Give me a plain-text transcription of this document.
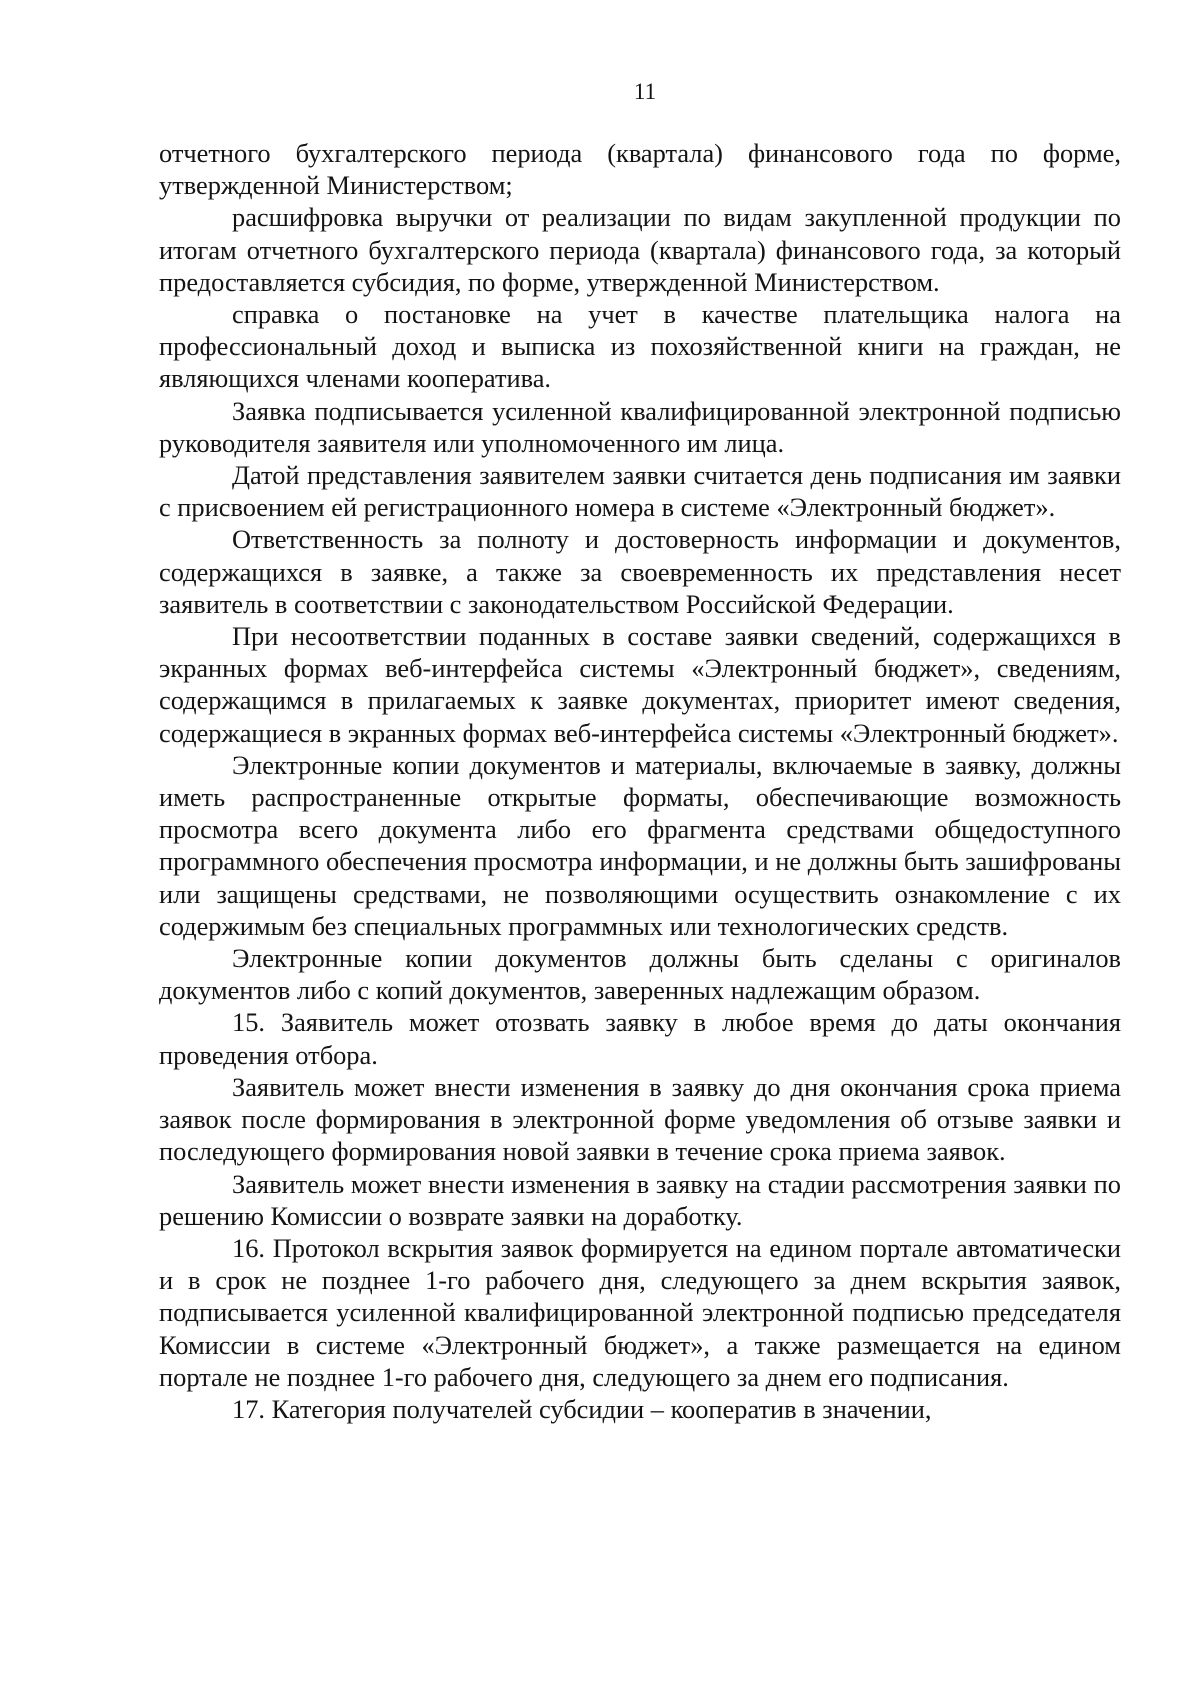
11

отчетного бухгалтерского периода (квартала) финансового года по форме, утвержденной Министерством;

расшифровка выручки от реализации по видам закупленной продукции по итогам отчетного бухгалтерского периода (квартала) финансового года, за который предоставляется субсидия, по форме, утвержденной Министерством.

справка о постановке на учет в качестве плательщика налога на профессиональный доход и выписка из похозяйственной книги на граждан, не являющихся членами кооператива.

Заявка подписывается усиленной квалифицированной электронной подписью руководителя заявителя или уполномоченного им лица.

Датой представления заявителем заявки считается день подписания им заявки с присвоением ей регистрационного номера в системе «Электронный бюджет».

Ответственность за полноту и достоверность информации и документов, содержащихся в заявке, а также за своевременность их представления несет заявитель в соответствии с законодательством Российской Федерации.

При несоответствии поданных в составе заявки сведений, содержащихся в экранных формах веб-интерфейса системы «Электронный бюджет», сведениям, содержащимся в прилагаемых к заявке документах, приоритет имеют сведения, содержащиеся в экранных формах веб-интерфейса системы «Электронный бюджет».

Электронные копии документов и материалы, включаемые в заявку, должны иметь распространенные открытые форматы, обеспечивающие возможность просмотра всего документа либо его фрагмента средствами общедоступного программного обеспечения просмотра информации, и не должны быть зашифрованы или защищены средствами, не позволяющими осуществить ознакомление с их содержимым без специальных программных или технологических средств.

Электронные копии документов должны быть сделаны с оригиналов документов либо с копий документов, заверенных надлежащим образом.

15. Заявитель может отозвать заявку в любое время до даты окончания проведения отбора.

Заявитель может внести изменения в заявку до дня окончания срока приема заявок после формирования в электронной форме уведомления об отзыве заявки и последующего формирования новой заявки в течение срока приема заявок.

Заявитель может внести изменения в заявку на стадии рассмотрения заявки по решению Комиссии о возврате заявки на доработку.

16. Протокол вскрытия заявок формируется на едином портале автоматически и в срок не позднее 1-го рабочего дня, следующего за днем вскрытия заявок, подписывается усиленной квалифицированной электронной подписью председателя Комиссии в системе «Электронный бюджет», а также размещается на едином портале не позднее 1-го рабочего дня, следующего за днем его подписания.

17. Категория получателей субсидии – кооператив в значении,
